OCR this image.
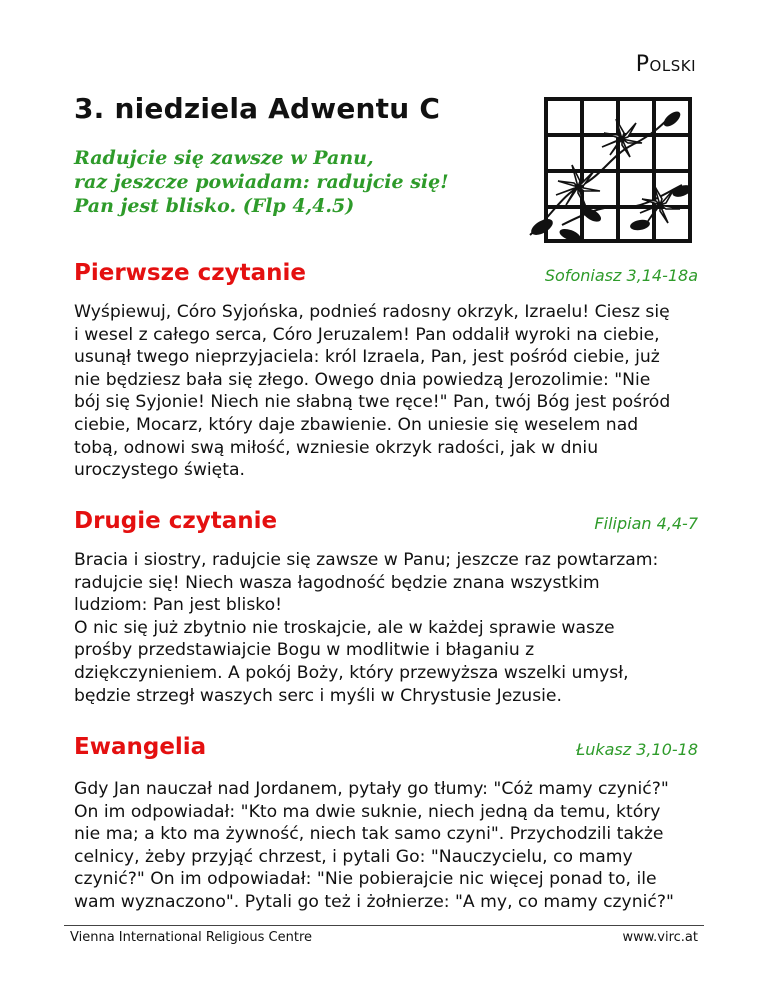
Polski
3. niedziela Adwentu C
Radujcie się zawsze w Panu,
raz jeszcze powiadam: radujcie się!
Pan jest blisko. (Flp 4,4.5)
Pierwsze czytanie	Sofoniasz 3,14-18a
Wyśpiewuj, Córo Syjońska, podnieś radosny okrzyk, Izraelu! Ciesz się
i wesel z całego serca, Córo Jeruzalem! Pan oddalił wyroki na ciebie,
usunął twego nieprzyjaciela: król Izraela, Pan, jest pośród ciebie, już
nie będziesz bała się złego. Owego dnia powiedzą Jerozolimie: "Nie
bój się Syjonie! Niech nie słabną twe ręce!" Pan, twój Bóg jest pośród
ciebie, Mocarz, który daje zbawienie. On uniesie się weselem nad
tobą, odnowi swą miłość, wzniesie okrzyk radości, jak w dniu
uroczystego święta.
Drugie czytanie	Filipian 4,4-7
Bracia i siostry, radujcie się zawsze w Panu; jeszcze raz powtarzam:
radujcie się! Niech wasza łagodność będzie znana wszystkim
ludziom: Pan jest blisko!
O nic się już zbytnio nie troskajcie, ale w każdej sprawie wasze
prośby przedstawiajcie Bogu w modlitwie i błaganiu z
dziękczynieniem. A pokój Boży, który przewyższa wszelki umysł,
będzie strzegł waszych serc i myśli w Chrystusie Jezusie.
Ewangelia	Łukasz 3,10-18
Gdy Jan nauczał nad Jordanem, pytały go tłumy: "Cóż mamy czynić?"
On im odpowiadał: "Kto ma dwie suknie, niech jedną da temu, który
nie ma; a kto ma żywność, niech tak samo czyni". Przychodzili także
celnicy, żeby przyjąć chrzest, i pytali Go: "Nauczycielu, co mamy
czynić?" On im odpowiadał: "Nie pobierajcie nic więcej ponad to, ile
wam wyznaczono". Pytali go też i żołnierze: "A my, co mamy czynić?"
Vienna International Religious Centre	www.virc.at
